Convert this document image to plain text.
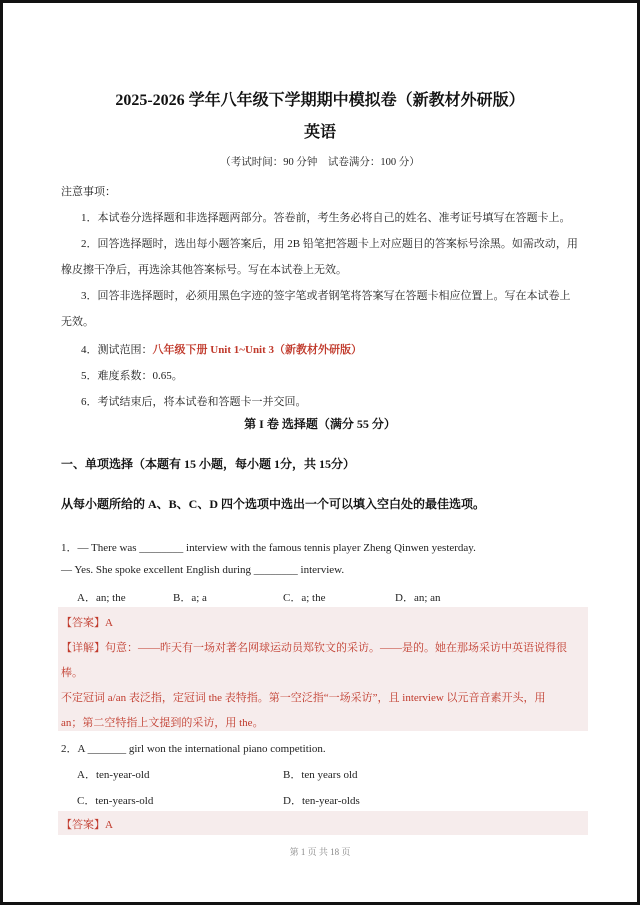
2025-2026 学年八年级下学期期中模拟卷（新教材外研版）
英语
（考试时间：90 分钟　试卷满分：100 分）
注意事项：
1．本试卷分选择题和非选择题两部分。答卷前，考生务必将自己的姓名、准考证号填写在答题卡上。
2．回答选择题时，选出每小题答案后，用 2B 铅笔把答题卡上对应题目的答案标号涂黑。如需改动，用
橡皮擦干净后，再选涂其他答案标号。写在本试卷上无效。
3．回答非选择题时，必须用黑色字迹的签字笔或者钢笔将答案写在答题卡相应位置上。写在本试卷上
无效。
4．测试范围：八年级下册 Unit 1~Unit 3（新教材外研版）
5．难度系数：0.65。
6．考试结束后，将本试卷和答题卡一并交回。
第 I 卷 选择题（满分 55 分）
一、单项选择（本题有 15 小题，每小题 1分，共 15分）
从每小题所给的 A、B、C、D 四个选项中选出一个可以填入空白处的最佳选项。
1．— There was ________ interview with the famous tennis player Zheng Qinwen yesterday.
— Yes. She spoke excellent English during ________ interview.
A．an; the	B．a; a	C．a; the	D．an; an
【答案】A
【详解】句意：——昨天有一场对著名网球运动员郑钦文的采访。——是的。她在那场采访中英语说得很
棒。
不定冠词 a/an 表泛指，定冠词 the 表特指。第一空泛指“一场采访”，且 interview 以元音音素开头，用
an；第二空特指上文提到的采访，用 the。
2．A _______ girl won the international piano competition.
A．ten-year-old	B．ten years old
C．ten-years-old	D．ten-year-olds
【答案】A
第 1 页 共 18 页
